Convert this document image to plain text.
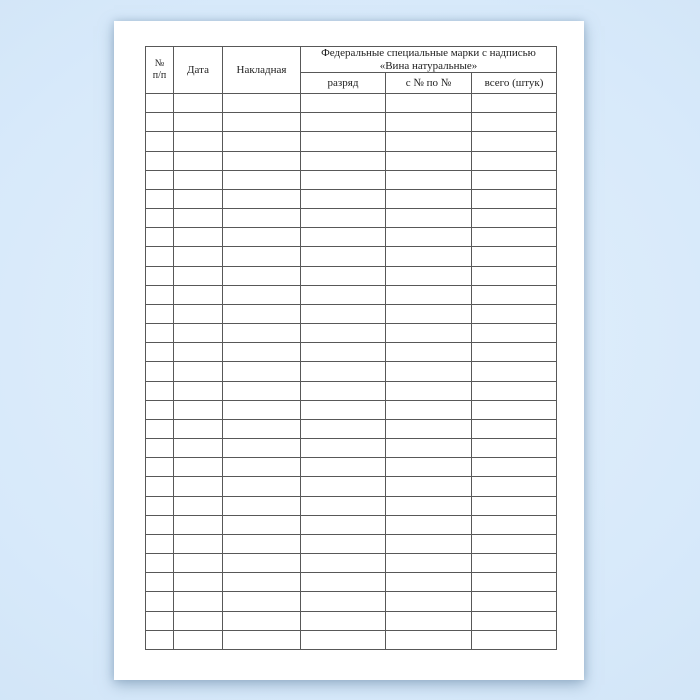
№
п/п	Дата	Накладная	Федеральные специальные марки с надписью
«Вина натуральные»		
			разряд	с № по №	всего (штук)
